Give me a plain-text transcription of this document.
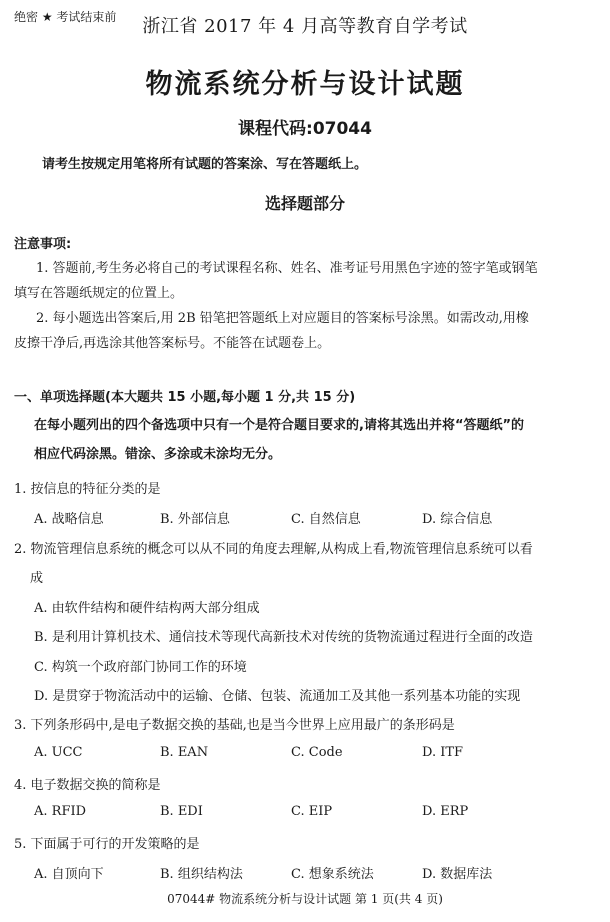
绝密 ★ 考试结束前	浙江省 2017 年 4 月高等教育自学考试
物流系统分析与设计试题
课程代码:07044
请考生按规定用笔将所有试题的答案涂、写在答题纸上。
选择题部分
注意事项:
1. 答题前,考生务必将自己的考试课程名称、姓名、准考证号用黑色字迹的签字笔或钢笔
填写在答题纸规定的位置上。
2. 每小题选出答案后,用 2B 铅笔把答题纸上对应题目的答案标号涂黑。如需改动,用橡
皮擦干净后,再选涂其他答案标号。不能答在试题卷上。
一、单项选择题(本大题共 15 小题,每小题 1 分,共 15 分)
在每小题列出的四个备选项中只有一个是符合题目要求的,请将其选出并将“答题纸”的
相应代码涂黑。错涂、多涂或未涂均无分。
1. 按信息的特征分类的是
A. 战略信息	B. 外部信息	C. 自然信息	D. 综合信息
2. 物流管理信息系统的概念可以从不同的角度去理解,从构成上看,物流管理信息系统可以看
成
A. 由软件结构和硬件结构两大部分组成
B. 是利用计算机技术、通信技术等现代高新技术对传统的货物流通过程进行全面的改造
C. 构筑一个政府部门协同工作的环境
D. 是贯穿于物流活动中的运输、仓储、包装、流通加工及其他一系列基本功能的实现
3. 下列条形码中,是电子数据交换的基础,也是当今世界上应用最广的条形码是
A. UCC	B. EAN	C. Code	D. ITF
4. 电子数据交换的简称是
A. RFID	B. EDI	C. EIP	D. ERP
5. 下面属于可行的开发策略的是
A. 自顶向下	B. 组织结构法	C. 想象系统法	D. 数据库法
07044# 物流系统分析与设计试题 第 1 页(共 4 页)
